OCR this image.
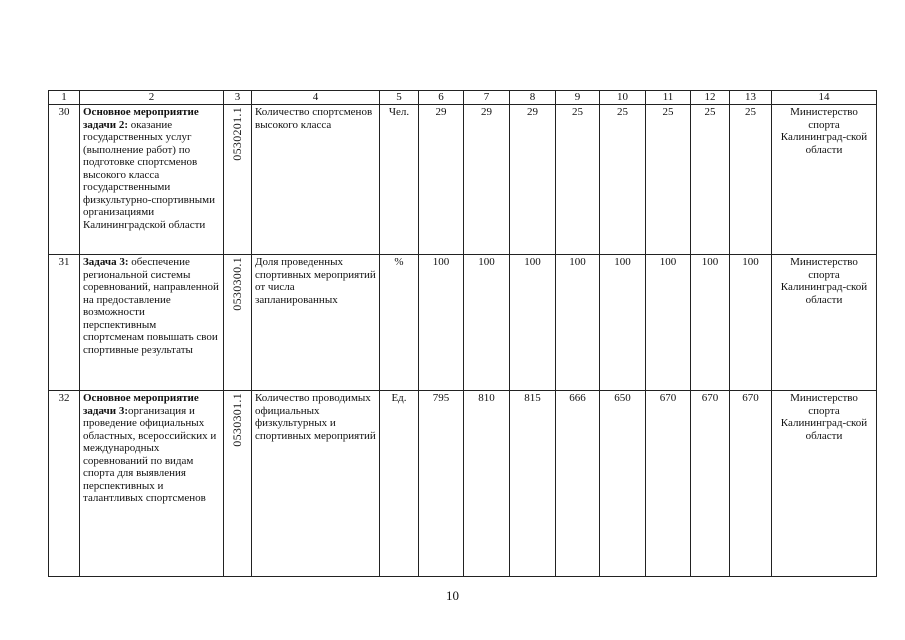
1	2	3	4	5	6	7	8	9	10	11	12	13	14
30	Основное мероприятие задачи 2: оказание государственных услуг (выполнение работ) по подготовке спортсменов высокого класса государственными физкультурно-спортивными организациями Калининградской области	0530201.1	Количество спортсменов высокого класса	Чел.	29	29	29	25	25	25	25	25	Министерство спорта Калининград-ской области
31	Задача 3: обеспечение региональной системы соревнований, направленной на предоставление возможности перспективным спортсменам повышать свои спортивные результаты	0530300.1	Доля проведенных спортивных мероприятий от числа запланированных	%	100	100	100	100	100	100	100	100	Министерство спорта Калининград-ской области
32	Основное мероприятие задачи 3:организация и проведение официальных областных, всероссийских и международных соревнований по видам спорта для выявления перспективных и талантливых спортсменов	0530301.1	Количество проводимых официальных физкультурных и спортивных мероприятий	Ед.	795	810	815	666	650	670	670	670	Министерство спорта Калининград-ской области
10
